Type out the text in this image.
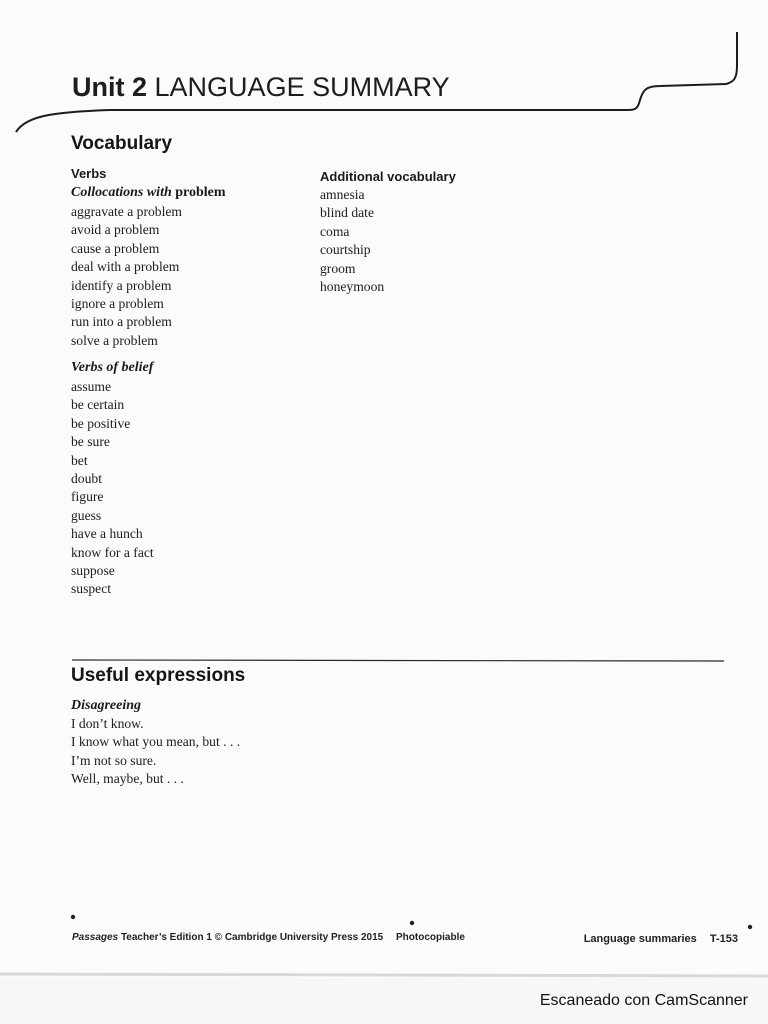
Unit 2 LANGUAGE SUMMARY
Vocabulary
Verbs

Collocations with problem

aggravate a problem
avoid a problem
cause a problem
deal with a problem
identify a problem
ignore a problem
run into a problem
solve a problem

Verbs of belief

assume
be certain
be positive
be sure
bet
doubt
figure
guess
have a hunch
know for a fact
suppose
suspect
Additional vocabulary
amnesia
blind date
coma
courtship
groom
honeymoon
Useful expressions

Disagreeing

I don’t know.
I know what you mean, but . . .
I’m not so sure.
Well, maybe, but . . .
Passages Teacher’s Edition 1 © Cambridge University Press 2015 Photocopiable	Language summaries T-153
Escaneado con CamScanner
